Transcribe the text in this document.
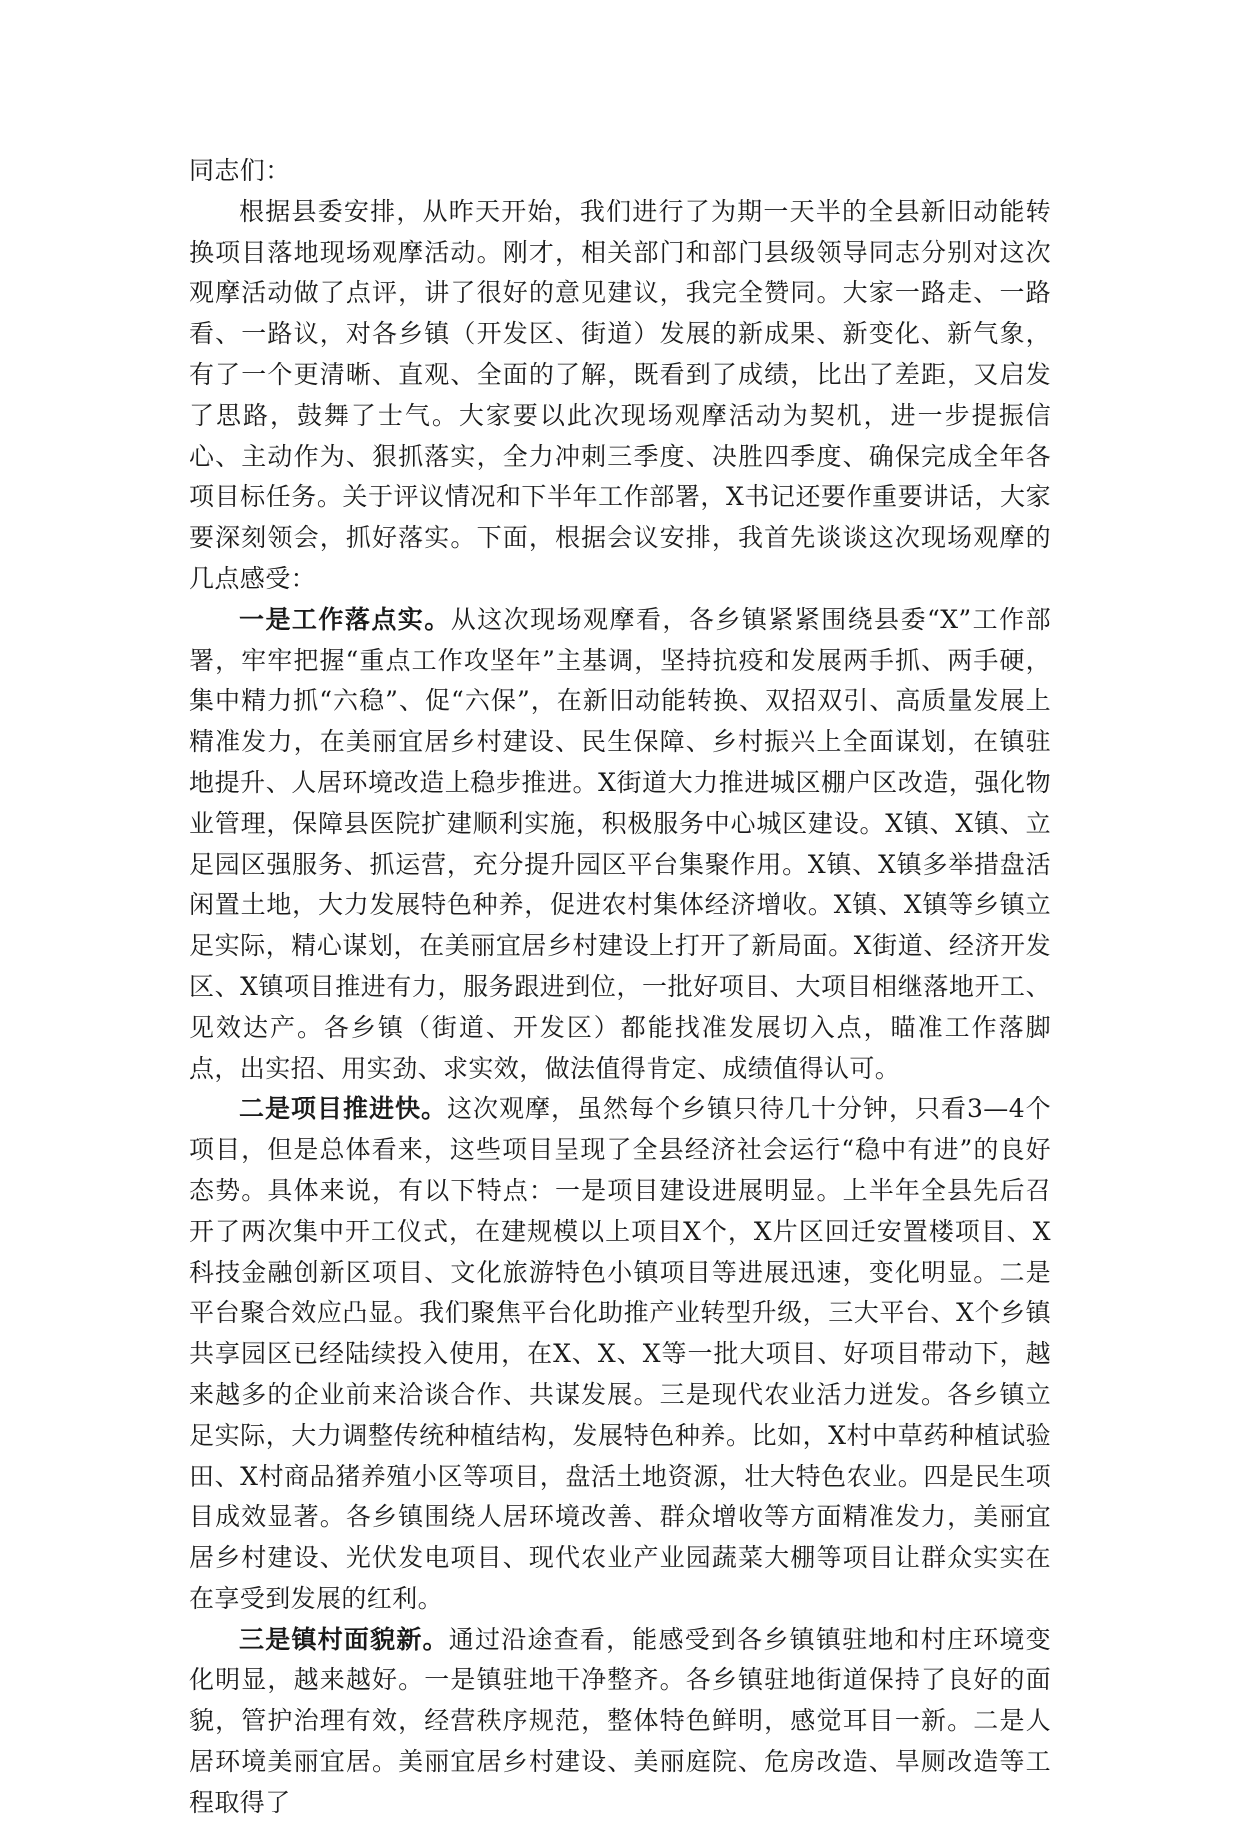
同志们：

根据县委安排，从昨天开始，我们进行了为期一天半的全县新旧动能转换项目落地现场观摩活动。刚才，相关部门和部门县级领导同志分别对这次观摩活动做了点评，讲了很好的意见建议，我完全赞同。大家一路走、一路看、一路议，对各乡镇（开发区、街道）发展的新成果、新变化、新气象，有了一个更清晰、直观、全面的了解，既看到了成绩，比出了差距，又启发了思路，鼓舞了士气。大家要以此次现场观摩活动为契机，进一步提振信心、主动作为、狠抓落实，全力冲刺三季度、决胜四季度、确保完成全年各项目标任务。关于评议情况和下半年工作部署，X书记还要作重要讲话，大家要深刻领会，抓好落实。下面，根据会议安排，我首先谈谈这次现场观摩的几点感受：

一是工作落点实。从这次现场观摩看，各乡镇紧紧围绕县委“X”工作部署，牢牢把握“重点工作攻坚年”主基调，坚持抗疫和发展两手抓、两手硬，集中精力抓“六稳”、促“六保”，在新旧动能转换、双招双引、高质量发展上精准发力，在美丽宜居乡村建设、民生保障、乡村振兴上全面谋划，在镇驻地提升、人居环境改造上稳步推进。X街道大力推进城区棚户区改造，强化物业管理，保障县医院扩建顺利实施，积极服务中心城区建设。X镇、X镇、立足园区强服务、抓运营，充分提升园区平台集聚作用。X镇、X镇多举措盘活闲置土地，大力发展特色种养，促进农村集体经济增收。X镇、X镇等乡镇立足实际，精心谋划，在美丽宜居乡村建设上打开了新局面。X街道、经济开发区、X镇项目推进有力，服务跟进到位，一批好项目、大项目相继落地开工、见效达产。各乡镇（街道、开发区）都能找准发展切入点，瞄准工作落脚点，出实招、用实劲、求实效，做法值得肯定、成绩值得认可。

二是项目推进快。这次观摩，虽然每个乡镇只待几十分钟，只看3—4个项目，但是总体看来，这些项目呈现了全县经济社会运行“稳中有进”的良好态势。具体来说，有以下特点：一是项目建设进展明显。上半年全县先后召开了两次集中开工仪式，在建规模以上项目X个，X片区回迁安置楼项目、X科技金融创新区项目、文化旅游特色小镇项目等进展迅速，变化明显。二是平台聚合效应凸显。我们聚焦平台化助推产业转型升级，三大平台、X个乡镇共享园区已经陆续投入使用，在X、X、X等一批大项目、好项目带动下，越来越多的企业前来洽谈合作、共谋发展。三是现代农业活力迸发。各乡镇立足实际，大力调整传统种植结构，发展特色种养。比如，X村中草药种植试验田、X村商品猪养殖小区等项目，盘活土地资源，壮大特色农业。四是民生项目成效显著。各乡镇围绕人居环境改善、群众增收等方面精准发力，美丽宜居乡村建设、光伏发电项目、现代农业产业园蔬菜大棚等项目让群众实实在在享受到发展的红利。

三是镇村面貌新。通过沿途查看，能感受到各乡镇镇驻地和村庄环境变化明显，越来越好。一是镇驻地干净整齐。各乡镇驻地街道保持了良好的面貌，管护治理有效，经营秩序规范，整体特色鲜明，感觉耳目一新。二是人居环境美丽宜居。美丽宜居乡村建设、美丽庭院、危房改造、旱厕改造等工程取得了
